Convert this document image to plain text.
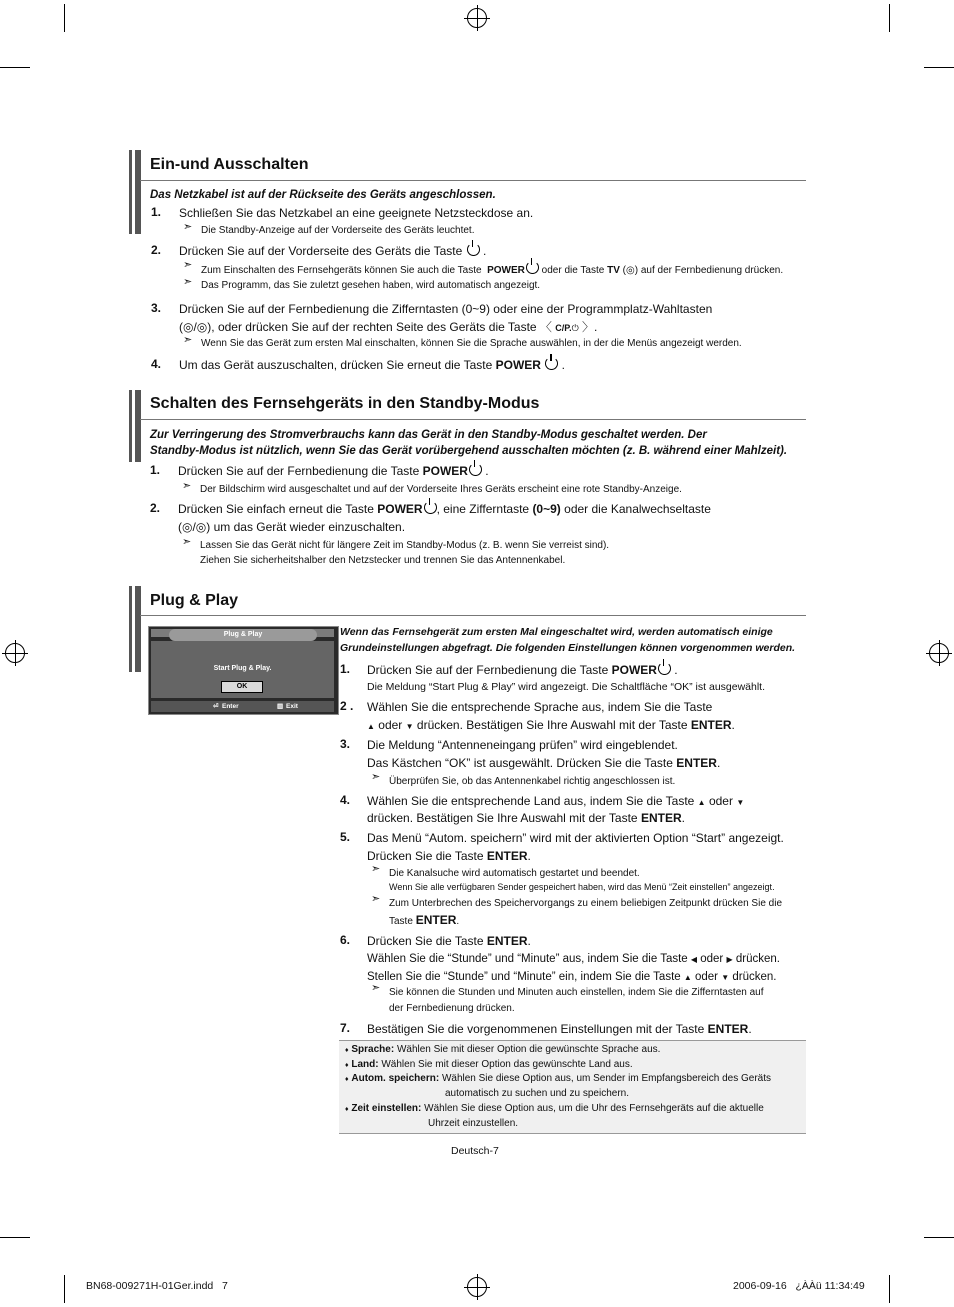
Ein-und Ausschalten
Das Netzkabel ist auf der Rückseite des Geräts angeschlossen.
1. Schließen Sie das Netzkabel an eine geeignete Netzsteckdose an.
➣ Die Standby-Anzeige auf der Vorderseite des Geräts leuchtet.
2. Drücken Sie auf der Vorderseite des Geräts die Taste  .
➣ Zum Einschalten des Fernsehgeräts können Sie auch die Taste POWER oder die Taste TV (◎) auf der Fernbedienung drücken.
➣ Das Programm, das Sie zuletzt gesehen haben, wird automatisch angezeigt.
3. Drücken Sie auf der Fernbedienung die Zifferntasten (0~9) oder eine der Programmplatz-Wahltasten
(◎/◎), oder drücken Sie auf der rechten Seite des Geräts die Taste 〈 C/P.⏻ 〉.
➣ Wenn Sie das Gerät zum ersten Mal einschalten, können Sie die Sprache auswählen, in der die Menüs angezeigt werden.
4. Um das Gerät auszuschalten, drücken Sie erneut die Taste POWER  .
Schalten des Fernsehgeräts in den Standby-Modus
Zur Verringerung des Stromverbrauchs kann das Gerät in den Standby-Modus geschaltet werden. Der
Standby-Modus ist nützlich, wenn Sie das Gerät vorübergehend ausschalten möchten (z. B. während einer Mahlzeit).
1. Drücken Sie auf der Fernbedienung die Taste POWER .
➣ Der Bildschirm wird ausgeschaltet und auf der Vorderseite Ihres Geräts erscheint eine rote Standby-Anzeige.
2. Drücken Sie einfach erneut die Taste POWER , eine Zifferntaste (0~9) oder die Kanalwechseltaste
(◎/◎) um das Gerät wieder einzuschalten.
➣ Lassen Sie das Gerät nicht für längere Zeit im Standby-Modus (z. B. wenn Sie verreist sind).
Ziehen Sie sicherheitshalber den Netzstecker und trennen Sie das Antennenkabel.
Plug & Play
Plug & Play
Start Plug & Play.
OK
⏎ Enter	▥ Exit
Wenn das Fernsehgerät zum ersten Mal eingeschaltet wird, werden automatisch einige
Grundeinstellungen abgefragt. Die folgenden Einstellungen können vorgenommen werden.
1. Drücken Sie auf der Fernbedienung die Taste POWER .
Die Meldung “Start Plug & Play” wird angezeigt. Die Schaltfläche “OK” ist ausgewählt.
2 . Wählen Sie die entsprechende Sprache aus, indem Sie die Taste
▲ oder ▼ drücken. Bestätigen Sie Ihre Auswahl mit der Taste ENTER.
3. Die Meldung “Antenneneingang prüfen” wird eingeblendet.
Das Kästchen “OK” ist ausgewählt. Drücken Sie die Taste ENTER.
➣ Überprüfen Sie, ob das Antennenkabel richtig angeschlossen ist.
4. Wählen Sie die entsprechende Land aus, indem Sie die Taste ▲ oder ▼
drücken. Bestätigen Sie Ihre Auswahl mit der Taste ENTER.
5. Das Menü “Autom. speichern” wird mit der aktivierten Option “Start” angezeigt.
Drücken Sie die Taste ENTER.
➣ Die Kanalsuche wird automatisch gestartet und beendet.
Wenn Sie alle verfügbaren Sender gespeichert haben, wird das Menü “Zeit einstellen” angezeigt.
➣ Zum Unterbrechen des Speichervorgangs zu einem beliebigen Zeitpunkt drücken Sie die
Taste ENTER.
6. Drücken Sie die Taste ENTER.
Wählen Sie die “Stunde” und “Minute” aus, indem Sie die Taste ◀ oder ▶ drücken.
Stellen Sie die “Stunde” und “Minute” ein, indem Sie die Taste ▲ oder ▼ drücken.
➣ Sie können die Stunden und Minuten auch einstellen, indem Sie die Zifferntasten auf
der Fernbedienung drücken.
7. Bestätigen Sie die vorgenommenen Einstellungen mit der Taste ENTER.
♦ Sprache: Wählen Sie mit dieser Option die gewünschte Sprache aus.
♦ Land: Wählen Sie mit dieser Option das gewünschte Land aus.
♦ Autom. speichern: Wählen Sie diese Option aus, um Sender im Empfangsbereich des Geräts
automatisch zu suchen und zu speichern.
♦ Zeit einstellen: Wählen Sie diese Option aus, um die Uhr des Fernsehgeräts auf die aktuelle
Uhrzeit einzustellen.
Deutsch-7
BN68-009271H-01Ger.indd   7	2006-09-16   ¿ÀÀü 11:34:49
